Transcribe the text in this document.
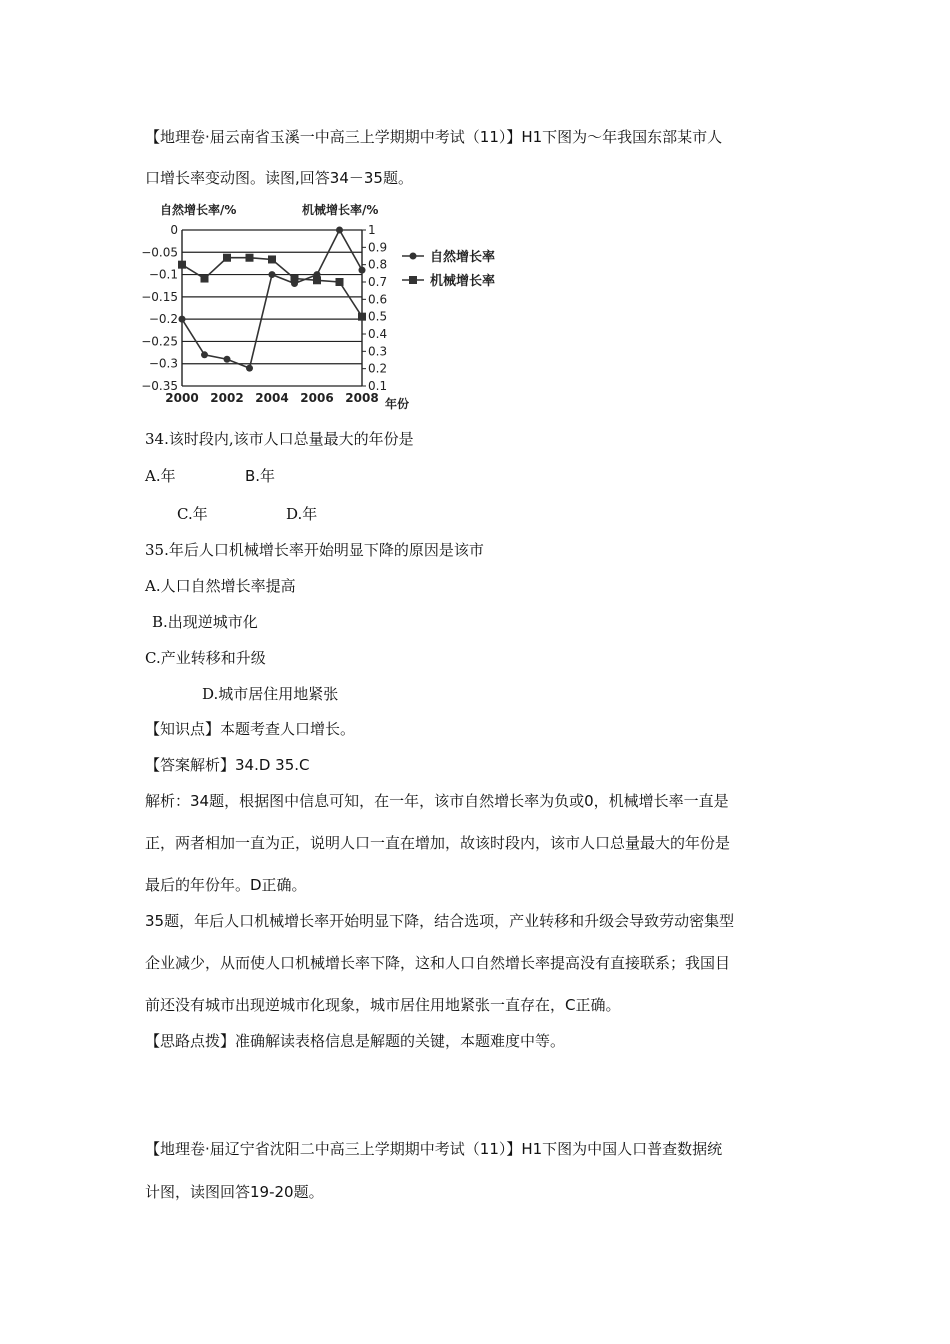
【地理卷·届云南省玉溪一中高三上学期期中考试（11）】H1下图为～年我国东部某市人
口增长率变动图。读图,回答34－35题。
自然增长率/%	机械增长率/%
0
−0.05
−0.1
−0.15
−0.2
−0.25
−0.3
−0.35
1
0.9
0.8
0.7
0.6
0.5
0.4
0.3
0.2
0.1
2000 2002 2004 2006 2008 年份
自然增长率
机械增长率
34.该时段内,该市人口总量最大的年份是
A.年	B.年
C.年	D.年
35.年后人口机械增长率开始明显下降的原因是该市
A.人口自然增长率提高
B.出现逆城市化
C.产业转移和升级
D.城市居住用地紧张
【知识点】本题考查人口增长。
【答案解析】34.D 35.C
解析：34题，根据图中信息可知，在一年，该市自然增长率为负或0，机械增长率一直是
正，两者相加一直为正，说明人口一直在增加，故该时段内，该市人口总量最大的年份是
最后的年份年。D正确。
35题，年后人口机械增长率开始明显下降，结合选项，产业转移和升级会导致劳动密集型
企业减少，从而使人口机械增长率下降，这和人口自然增长率提高没有直接联系；我国目
前还没有城市出现逆城市化现象，城市居住用地紧张一直存在，C正确。
【思路点拨】准确解读表格信息是解题的关键，本题难度中等。
【地理卷·届辽宁省沈阳二中高三上学期期中考试（11）】H1下图为中国人口普查数据统
计图，读图回答19-20题。
